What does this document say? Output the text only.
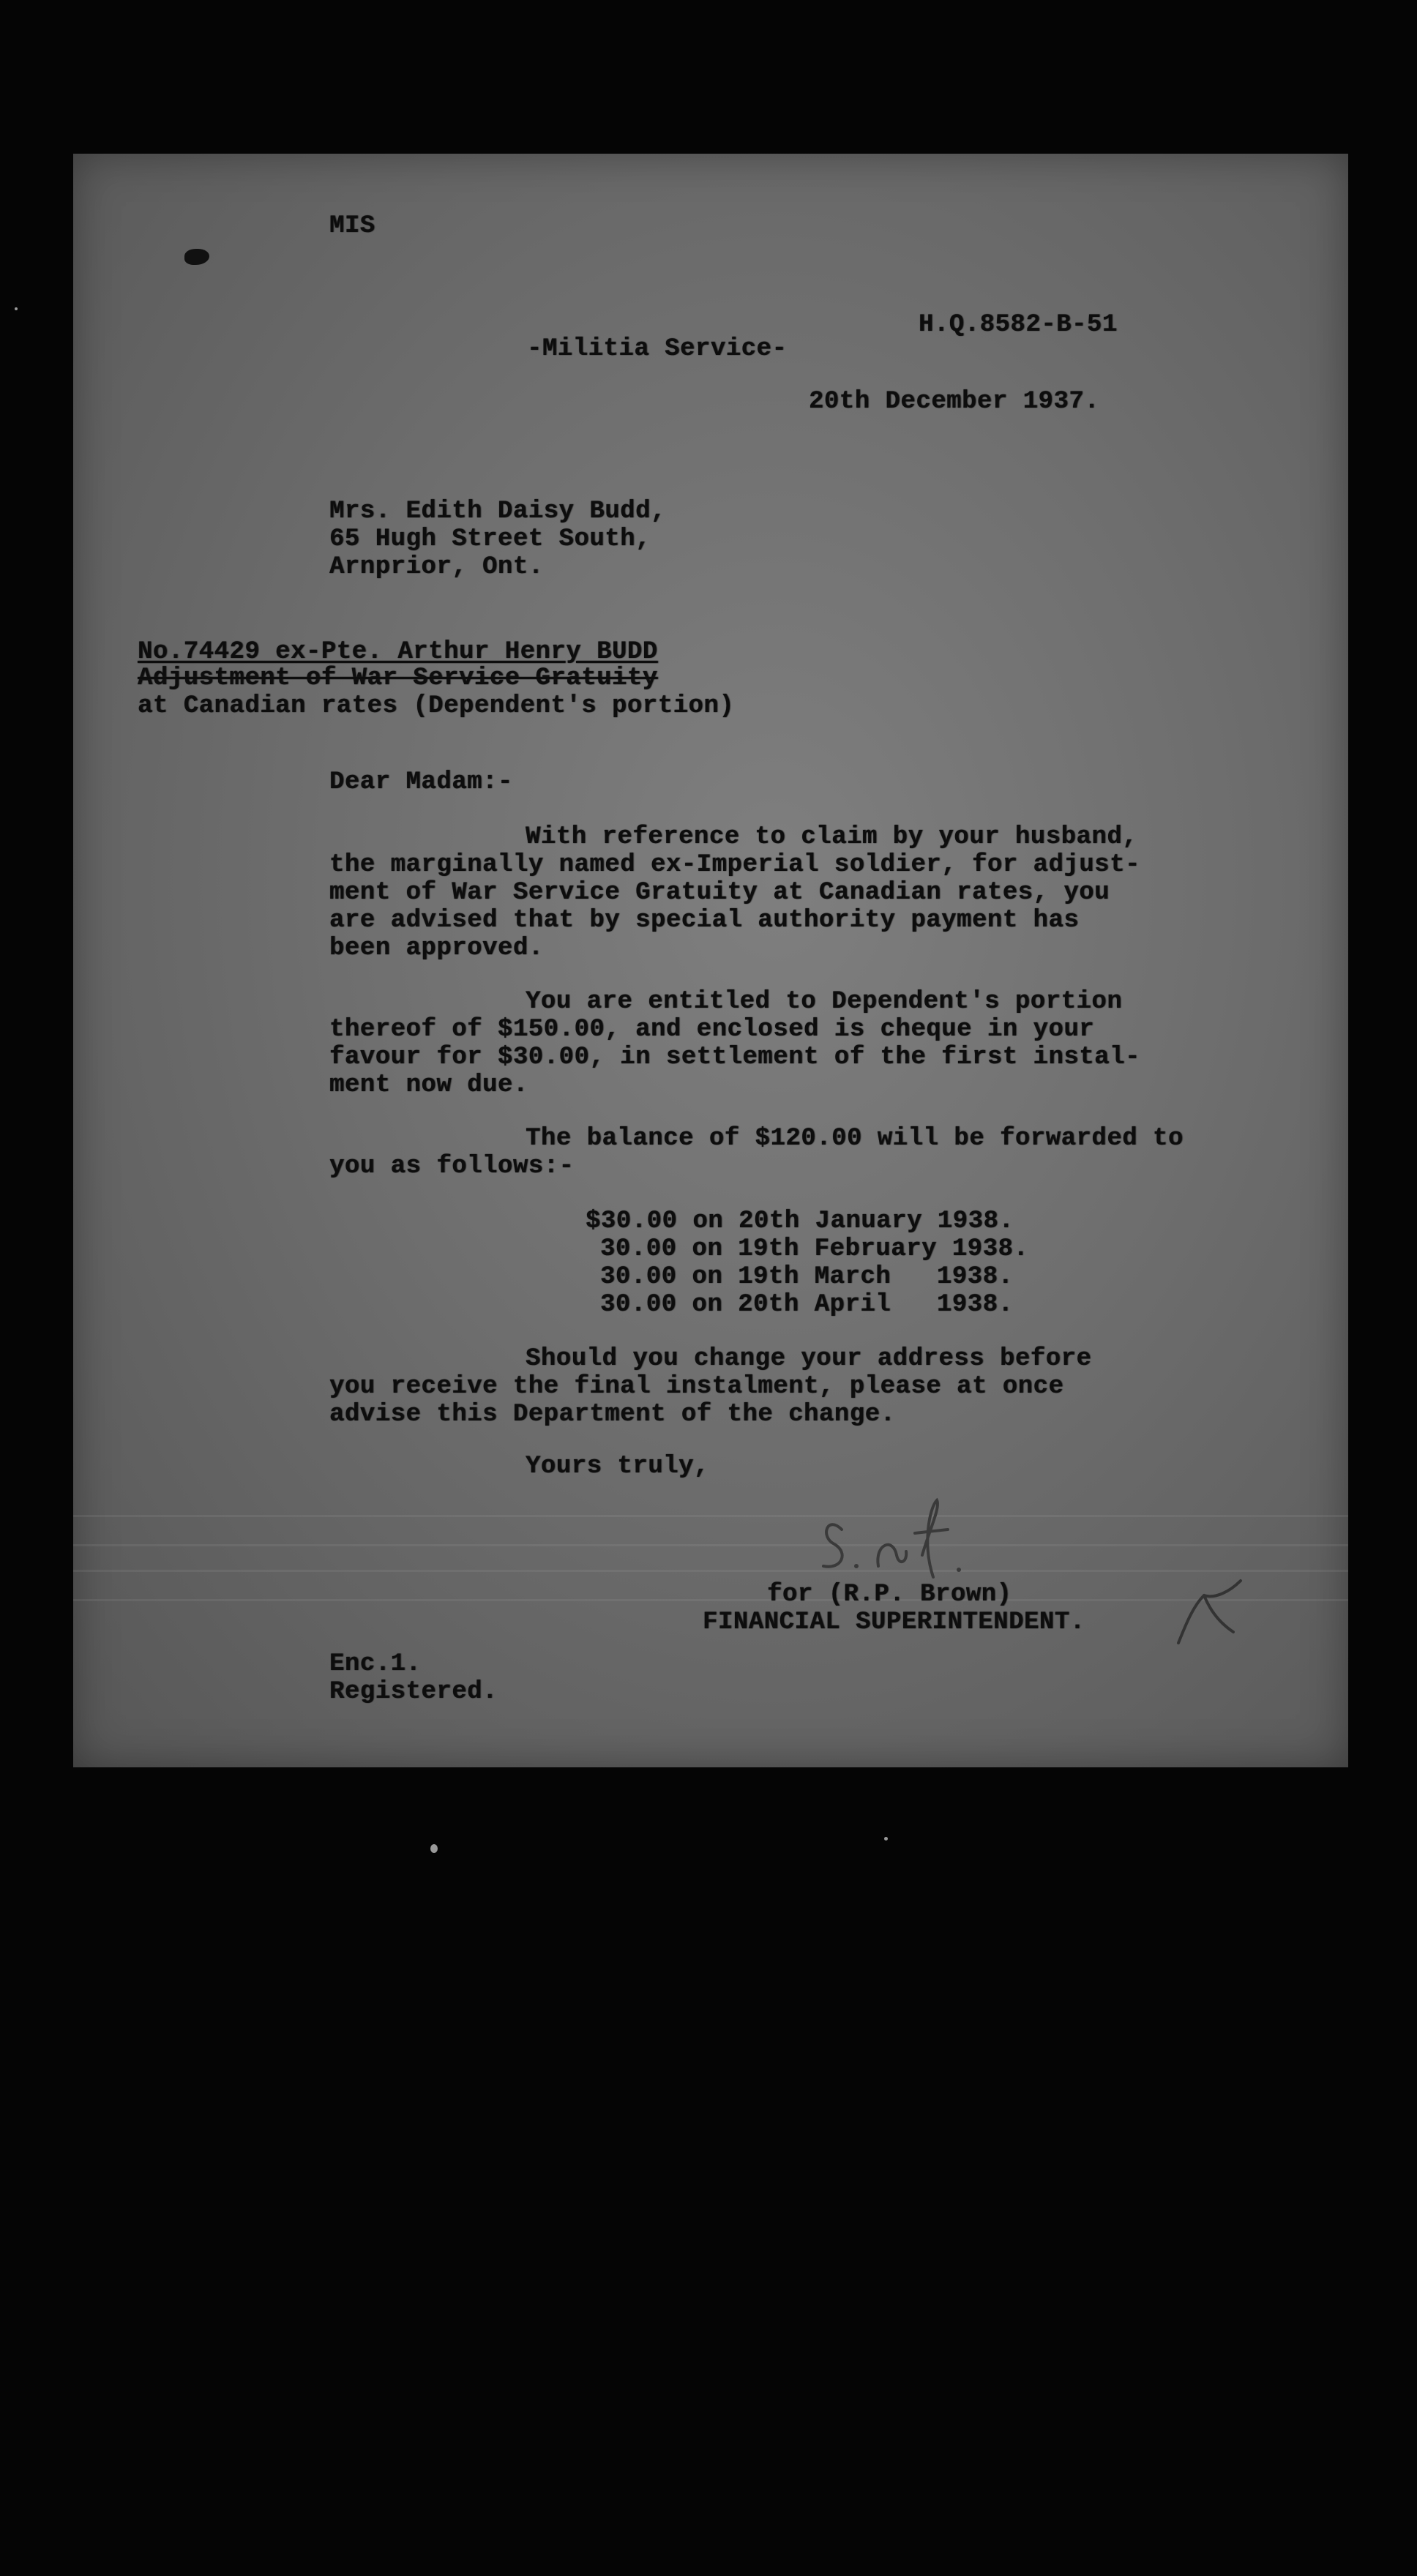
MIS

H.Q.8582-B-51

-Militia Service-

20th December 1937.

Mrs. Edith Daisy Budd,

65 Hugh Street South,

Arnprior, Ont.

No.74429 ex-Pte. Arthur Henry BUDD

Adjustment of War Service Gratuity

at Canadian rates (Dependent's portion)

Dear Madam:-

With reference to claim by your husband,

the marginally named ex-Imperial soldier, for adjust-

ment of War Service Gratuity at Canadian rates, you

are advised that by special authority payment has

been approved.

You are entitled to Dependent's portion

thereof of $150.00, and enclosed is cheque in your

favour for $30.00, in settlement of the first instal-

ment now due.

The balance of $120.00 will be forwarded to

you as follows:-

$30.00 on 20th January 1938.

30.00 on 19th February 1938.

30.00 on 19th March   1938.

30.00 on 20th April   1938.

Should you change your address before

you receive the final instalment, please at once

advise this Department of the change.

Yours truly,

for (R.P. Brown)

FINANCIAL SUPERINTENDENT.

Enc.1.

Registered.
